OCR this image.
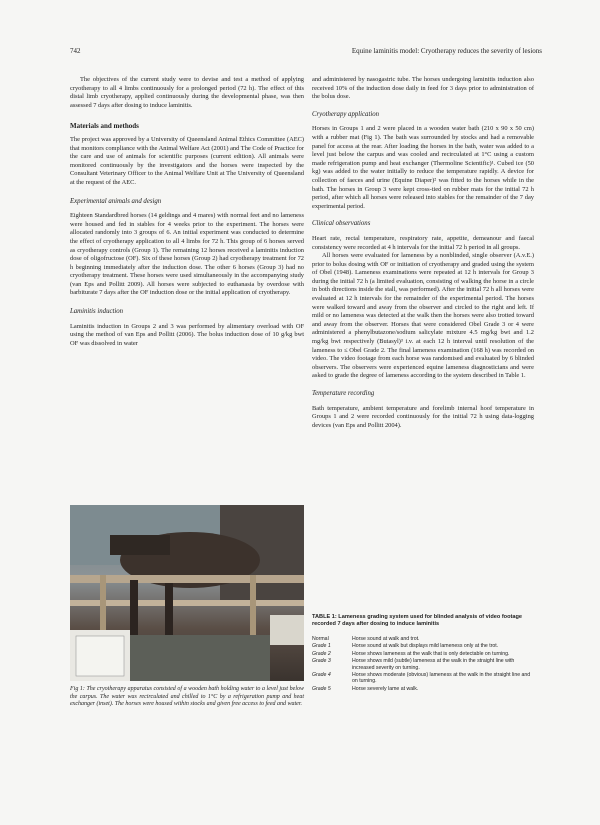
742	Equine laminitis model: Cryotherapy reduces the severity of lesions

The objectives of the current study were to devise and test a method of applying cryotherapy to all 4 limbs continuously for a prolonged period (72 h). The effect of this distal limb cryotherapy, applied continuously during the developmental phase, was then assessed 7 days after dosing to induce laminitis.

Materials and methods

The project was approved by a University of Queensland Animal Ethics Committee (AEC) that monitors compliance with the Animal Welfare Act (2001) and The Code of Practice for the care and use of animals for scientific purposes (current edition). All animals were monitored continuously by the investigators and the horses were inspected by the Consultant Veterinary Officer to the Animal Welfare Unit at The University of Queensland at the request of the AEC.

Experimental animals and design

Eighteen Standardbred horses (14 geldings and 4 mares) with normal feet and no lameness were housed and fed in stables for 4 weeks prior to the experiment. The horses were allocated randomly into 3 groups of 6. An initial experiment was conducted to determine the effect of cryotherapy application to all 4 limbs for 72 h. This group of 6 horses served as cryotherapy controls (Group 1). The remaining 12 horses received a laminitis induction dose of oligofructose (OF). Six of these horses (Group 2) had cryotherapy treatment for 72 h beginning immediately after the induction dose. The other 6 horses (Group 3) had no cryotherapy treatment. These horses were used simultaneously in the accompanying study (van Eps and Pollitt 2009). All horses were subjected to euthanasia by overdose with barbiturate 7 days after the OF induction dose or the initial application of cryotherapy.

Laminitis induction

Laminitis induction in Groups 2 and 3 was performed by alimentary overload with OF using the method of van Eps and Pollitt (2006). The bolus induction dose of 10 g/kg bwt OF was dissolved in water

Fig 1: The cryotherapy apparatus consisted of a wooden bath holding water to a level just below the carpus. The water was recirculated and chilled to 1°C by a refrigeration pump and heat exchanger (inset). The horses were housed within stocks and given free access to feed and water.

and administered by nasogastric tube. The horses undergoing laminitis induction also received 10% of the induction dose daily in feed for 3 days prior to administration of the bolus dose.

Cryotherapy application

Horses in Groups 1 and 2 were placed in a wooden water bath (210 x 90 x 50 cm) with a rubber mat (Fig 1). The bath was surrounded by stocks and had a removable panel for access at the rear. After loading the horses in the bath, water was added to a level just below the carpus and was cooled and recirculated at 1°C using a custom made refrigeration pump and heat exchanger (Thermoline Scientific)¹. Cubed ice (50 kg) was added to the water initially to reduce the temperature rapidly. A device for collection of faeces and urine (Equine Diaper)² was fitted to the horses while in the bath. The horses in Group 3 were kept cross-tied on rubber mats for the initial 72 h period, after which all horses were released into stables for the remainder of the 7 day experimental period.

Clinical observations

Heart rate, rectal temperature, respiratory rate, appetite, demeanour and faecal consistency were recorded at 4 h intervals for the initial 72 h period in all groups.

All horses were evaluated for lameness by a nonblinded, single observer (A.v.E.) prior to bolus dosing with OF or initiation of cryotherapy and graded using the system of Obel (1948). Lameness examinations were repeated at 12 h intervals for Group 3 during the initial 72 h (a limited evaluation, consisting of walking the horse in a circle in both directions inside the stall, was performed). After the initial 72 h all horses were evaluated at 12 h intervals for the remainder of the experimental period. The horses were walked toward and away from the observer and circled to the right and left. If mild or no lameness was detected at the walk then the horses were also trotted toward and away from the observer. Horses that were considered Obel Grade 3 or 4 were administered a phenylbutazone/sodium salicylate mixture 4.5 mg/kg bwt and 1.2 mg/kg bwt respectively (Butasyl)³ i.v. at each 12 h interval until resolution of the lameness to ≤ Obel Grade 2. The final lameness examination (168 h) was recorded on video. The video footage from each horse was randomised and evaluated by 6 blinded observers. The observers were experienced equine lameness diagnosticians and were asked to grade the degree of lameness according to the system described in Table 1.

Temperature recording

Bath temperature, ambient temperature and forelimb internal hoof temperature in Groups 1 and 2 were recorded continuously for the initial 72 h using data-logging devices (van Eps and Pollitt 2004).

TABLE 1: Lameness grading system used for blinded analysis of video footage recorded 7 days after dosing to induce laminitis
Normal	Horse sound at walk and trot.
Grade 1	Horse sound at walk but displays mild lameness only at the trot.
Grade 2	Horse shows lameness at the walk that is only detectable on turning.
Grade 3	Horse shows mild (subtle) lameness at the walk in the straight line with increased severity on turning.
Grade 4	Horse shows moderate (obvious) lameness at the walk in the straight line and on turning.
Grade 5	Horse severely lame at walk.
